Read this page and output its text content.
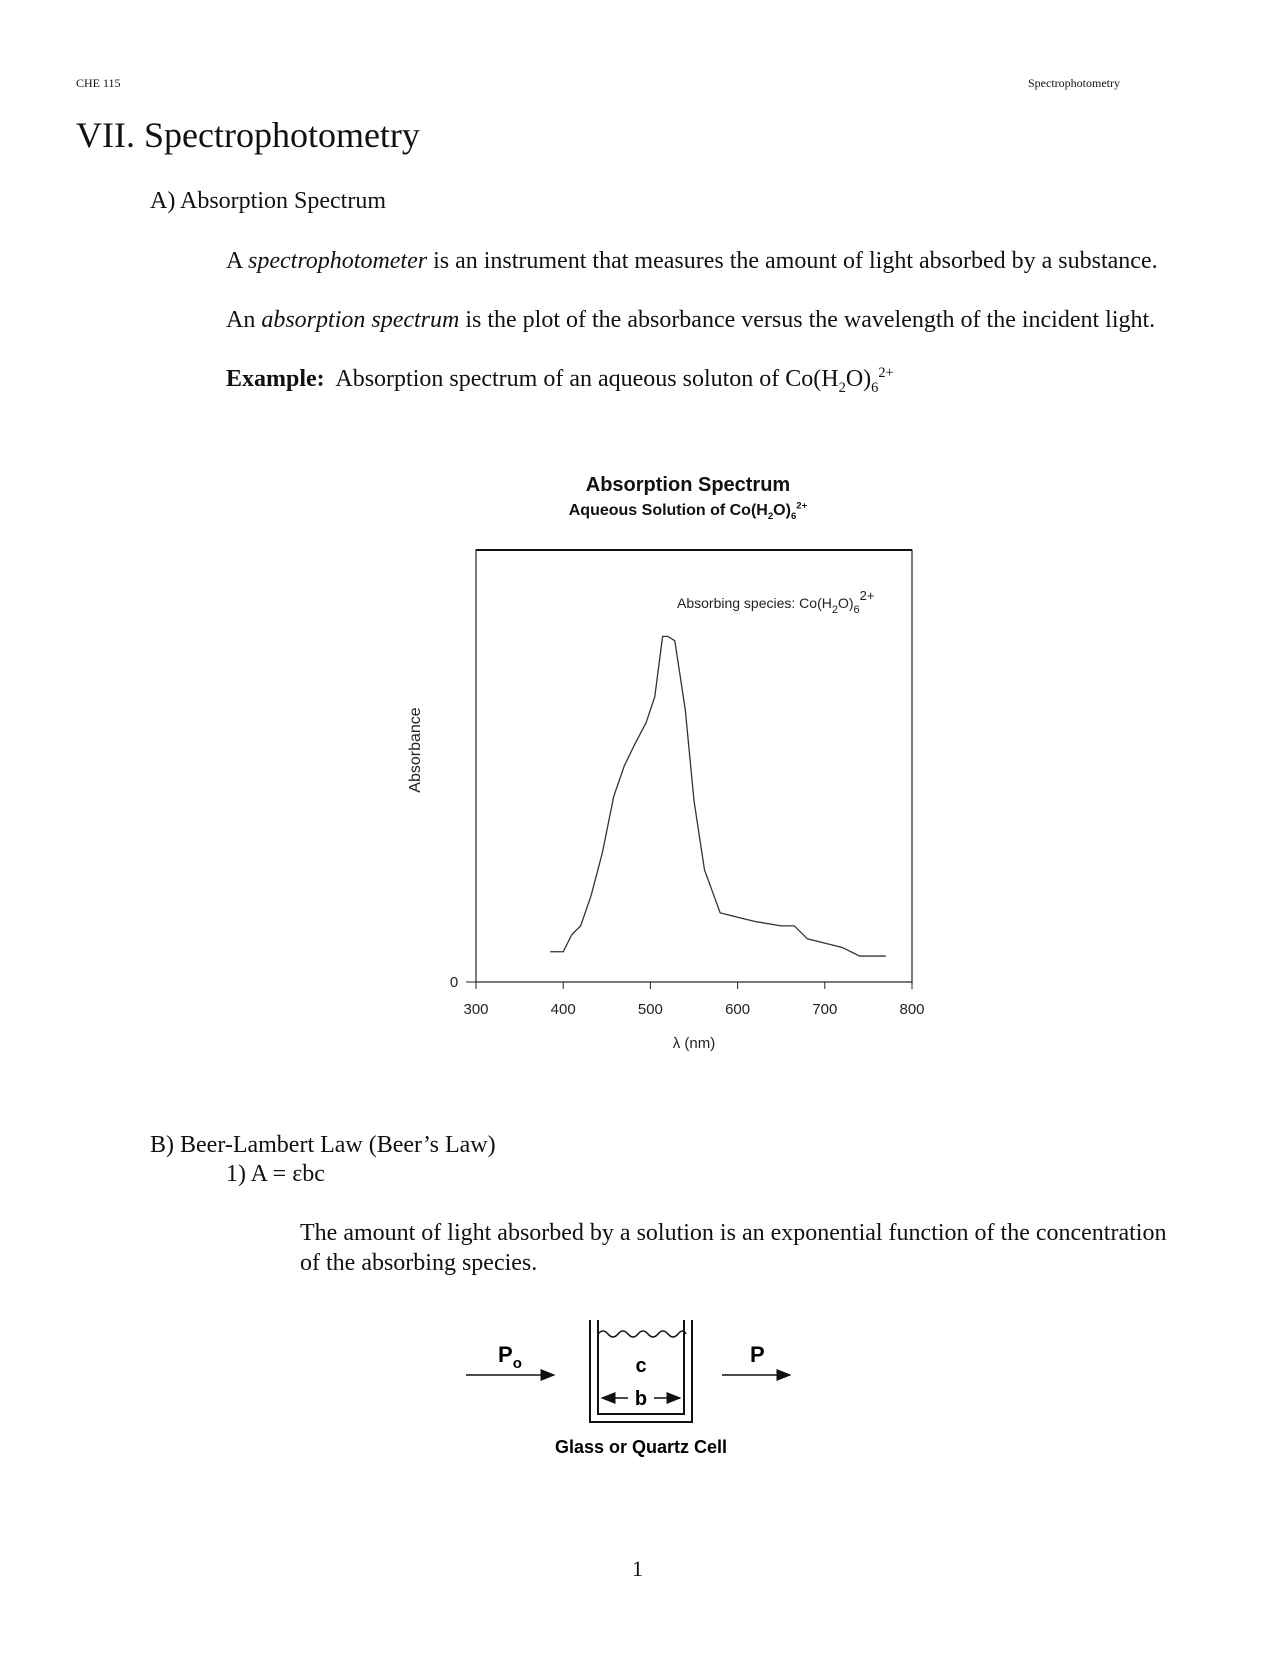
CHE 115	Spectrophotometry
VII. Spectrophotometry
A) Absorption Spectrum
A spectrophotometer is an instrument that measures the amount of light absorbed by a substance.
An absorption spectrum is the plot of the absorbance versus the wavelength of the incident light.
Example: Absorption spectrum of an aqueous soluton of $Co(H_2O)_6^{2+}$
Absorption Spectrum
Aqueous Solution of $Co(H_2O)_6^{2+}$
300	400	500	600	700	800
0
λ (nm)
Absorbance
Absorbing species: $Co(H_2O)_62+$
B) Beer-Lambert Law (Beer’s Law)
1) A = εbc
The amount of light absorbed by a solution is an exponential function of the concentration
of the absorbing species.
$P_o$	c
b
P
Glass or Quartz Cell
1
